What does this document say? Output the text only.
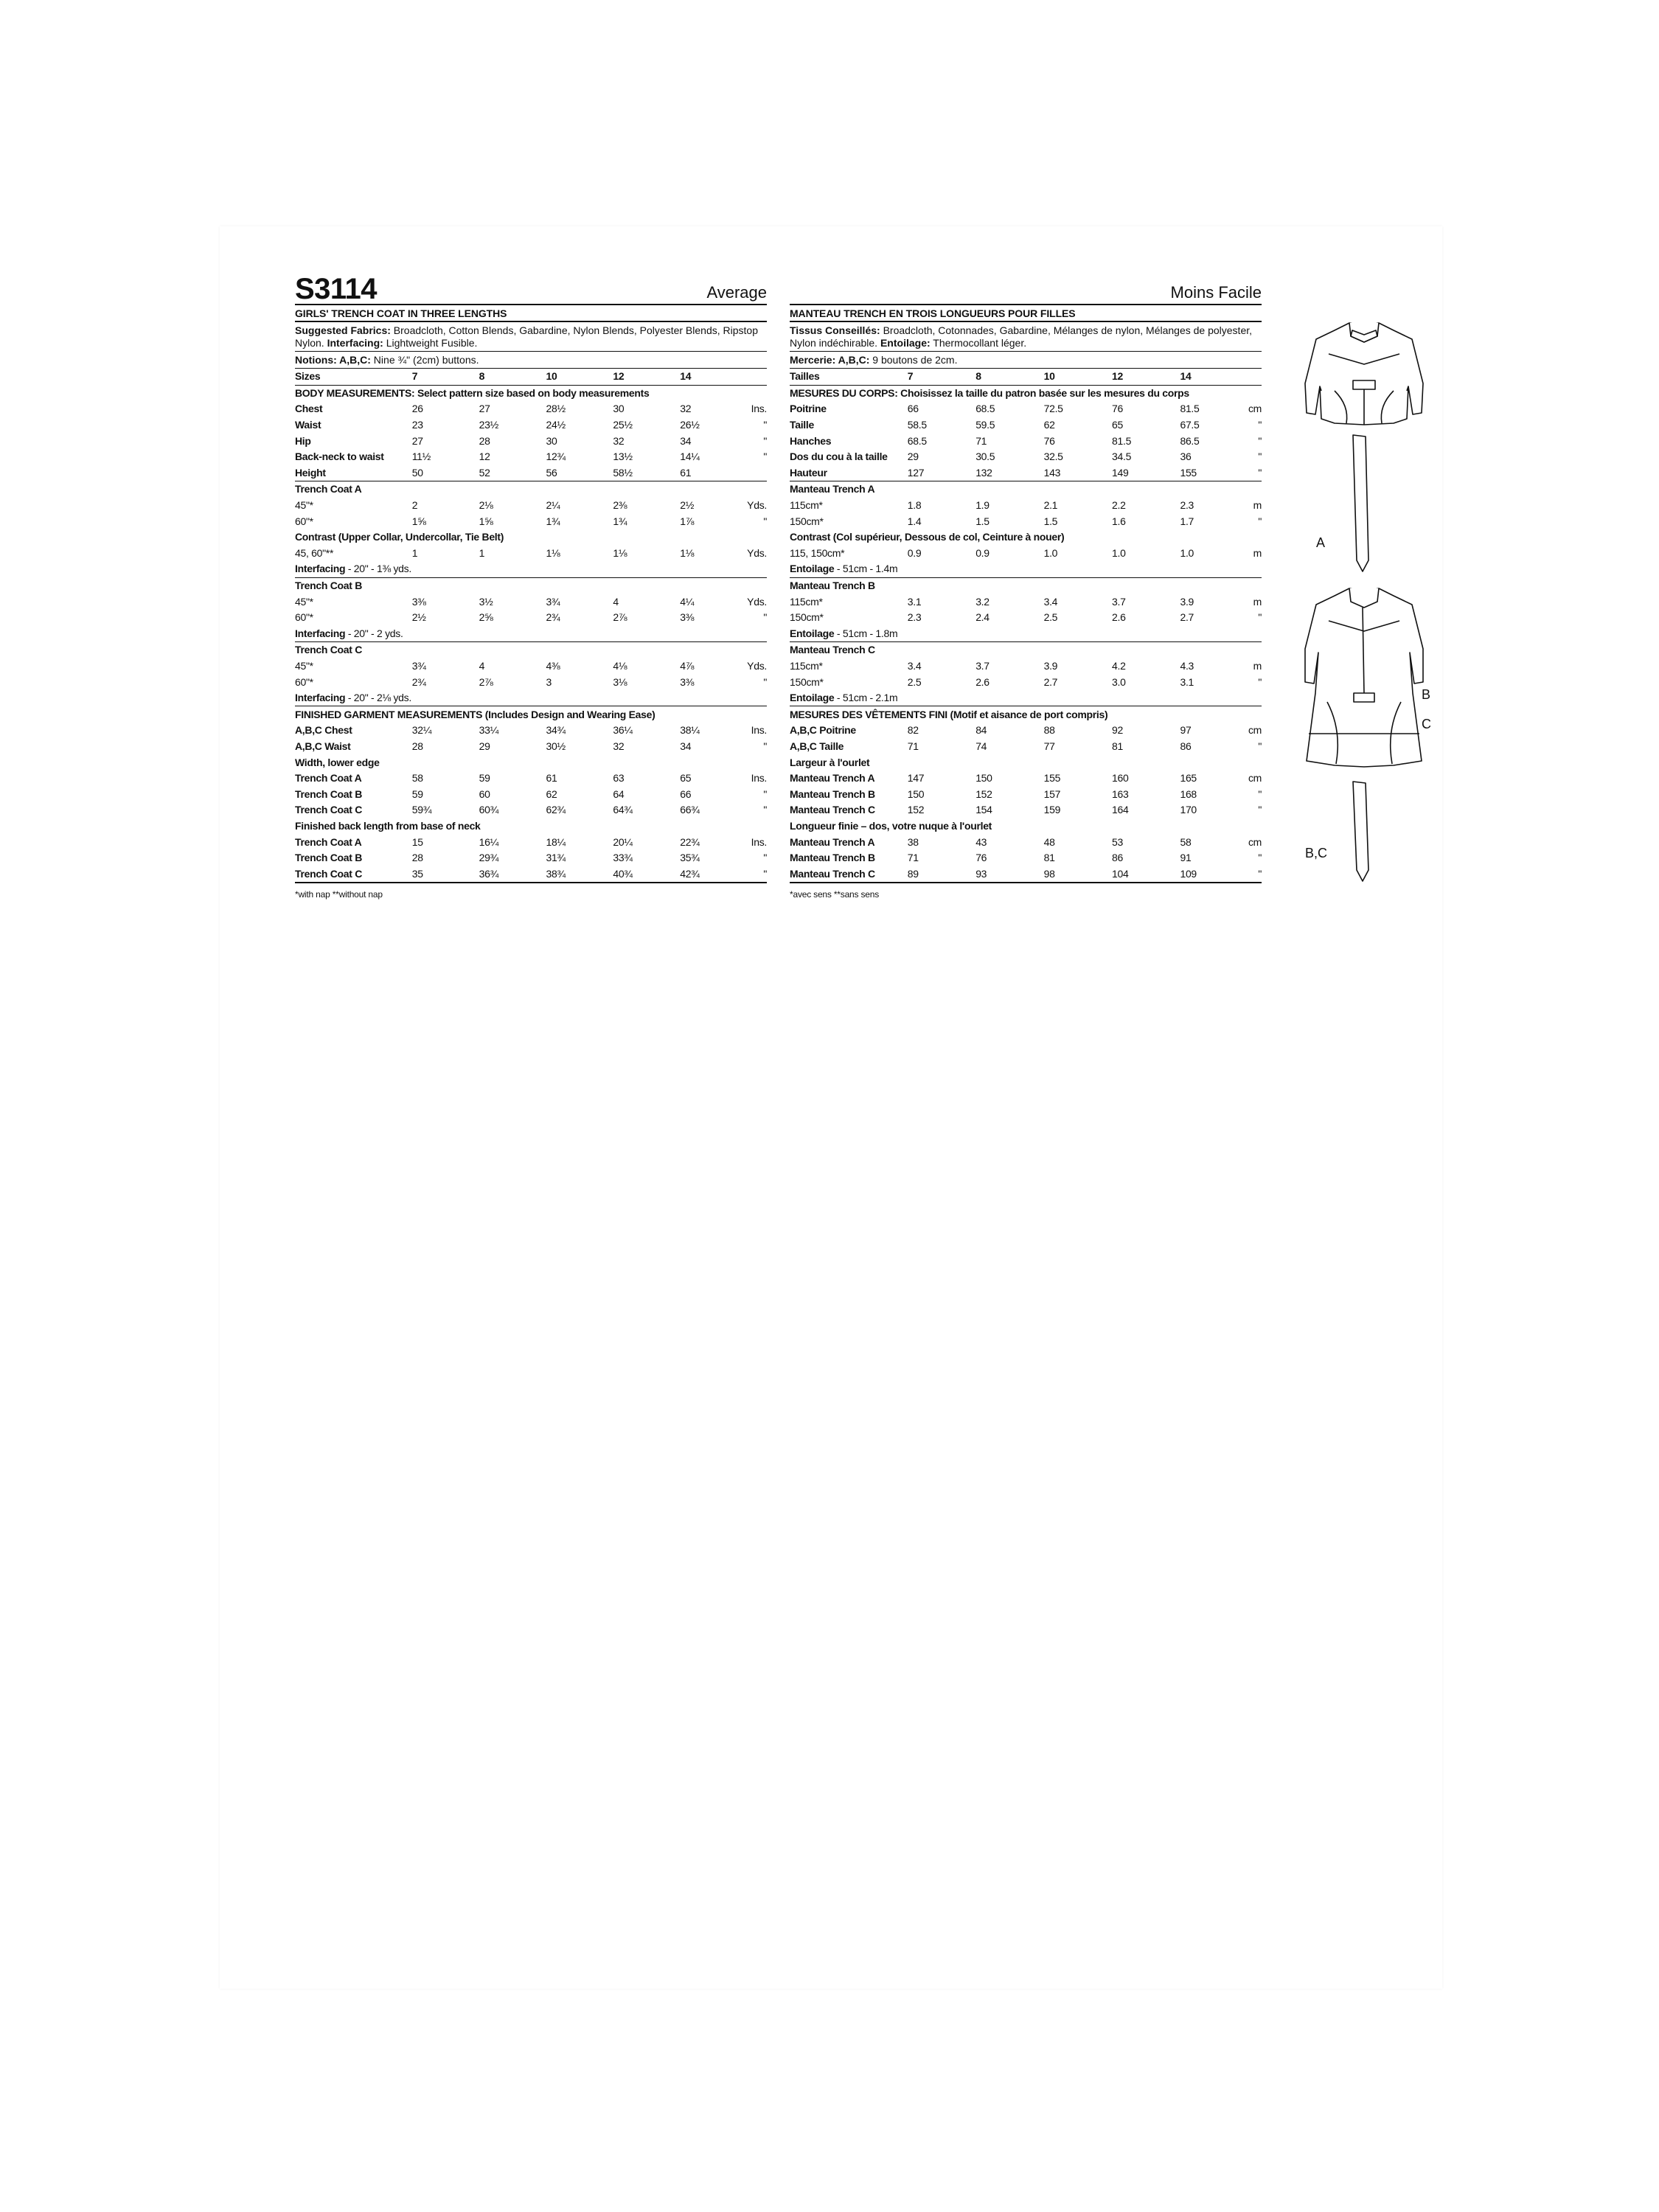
S3114	Average
GIRLS' TRENCH COAT IN THREE LENGTHS
Suggested Fabrics: Broadcloth, Cotton Blends, Gabardine, Nylon Blends, Polyester Blends, Ripstop Nylon. Interfacing: Lightweight Fusible.
Notions: A,B,C: Nine ¾" (2cm) buttons.
Sizes	7	8	10	12	14	
BODY MEASUREMENTS: Select pattern size based on body measurements						
Chest	26	27	28½	30	32	Ins.
Waist	23	23½	24½	25½	26½	"
Hip	27	28	30	32	34	"
Back-neck to waist	11½	12	12¾	13½	14¼	"
Height	50	52	56	58½	61	
Trench Coat A						
45"*	2	2⅛	2¼	2⅜	2½	Yds.
60"*	1⅝	1⅝	1¾	1¾	1⅞	"
Contrast (Upper Collar, Undercollar, Tie Belt)						
45, 60"**	1	1	1⅛	1⅛	1⅛	Yds.
Interfacing - 20" - 1⅜ yds.						
Trench Coat B						
45"*	3⅜	3½	3¾	4	4¼	Yds.
60"*	2½	2⅝	2¾	2⅞	3⅜	"
Interfacing - 20" - 2 yds.						
Trench Coat C						
45"*	3¾	4	4⅜	4⅛	4⅞	Yds.
60"*	2¾	2⅞	3	3⅛	3⅜	"
Interfacing - 20" - 2⅛ yds.						
FINISHED GARMENT MEASUREMENTS (Includes Design and Wearing Ease)						
A,B,C Chest	32¼	33¼	34¾	36¼	38¼	Ins.
A,B,C Waist	28	29	30½	32	34	"
Width, lower edge						
Trench Coat A	58	59	61	63	65	Ins.
Trench Coat B	59	60	62	64	66	"
Trench Coat C	59¾	60¾	62¾	64¾	66¾	"
Finished back length from base of neck						
Trench Coat A	15	16¼	18¼	20¼	22¾	Ins.
Trench Coat B	28	29¾	31¾	33¾	35¾	"
Trench Coat C	35	36¾	38¾	40¾	42¾	"
*with nap **without nap
Moins Facile
MANTEAU TRENCH EN TROIS LONGUEURS POUR FILLES
Tissus Conseillés: Broadcloth, Cotonnades, Gabardine, Mélanges de nylon, Mélanges de polyester, Nylon indéchirable. Entoilage: Thermocollant léger.
Mercerie: A,B,C: 9 boutons de 2cm.
Tailles	7	8	10	12	14	
MESURES DU CORPS: Choisissez la taille du patron basée sur les mesures du corps						
Poitrine	66	68.5	72.5	76	81.5	cm
Taille	58.5	59.5	62	65	67.5	"
Hanches	68.5	71	76	81.5	86.5	"
Dos du cou à la taille	29	30.5	32.5	34.5	36	"
Hauteur	127	132	143	149	155	"
Manteau Trench A						
115cm*	1.8	1.9	2.1	2.2	2.3	m
150cm*	1.4	1.5	1.5	1.6	1.7	"
Contrast (Col supérieur, Dessous de col, Ceinture à nouer)						
115, 150cm*	0.9	0.9	1.0	1.0	1.0	m
Entoilage - 51cm - 1.4m						
Manteau Trench B						
115cm*	3.1	3.2	3.4	3.7	3.9	m
150cm*	2.3	2.4	2.5	2.6	2.7	"
Entoilage - 51cm - 1.8m						
Manteau Trench C						
115cm*	3.4	3.7	3.9	4.2	4.3	m
150cm*	2.5	2.6	2.7	3.0	3.1	"
Entoilage - 51cm - 2.1m						
MESURES DES VÊTEMENTS FINI (Motif et aisance de port compris)						
A,B,C Poitrine	82	84	88	92	97	cm
A,B,C Taille	71	74	77	81	86	"
Largeur à l'ourlet						
Manteau Trench A	147	150	155	160	165	cm
Manteau Trench B	150	152	157	163	168	"
Manteau Trench C	152	154	159	164	170	"
Longueur finie – dos, votre nuque à l'ourlet						
Manteau Trench A	38	43	48	53	58	cm
Manteau Trench B	71	76	81	86	91	"
Manteau Trench C	89	93	98	104	109	"
*avec sens **sans sens
A
B
C
B,C
